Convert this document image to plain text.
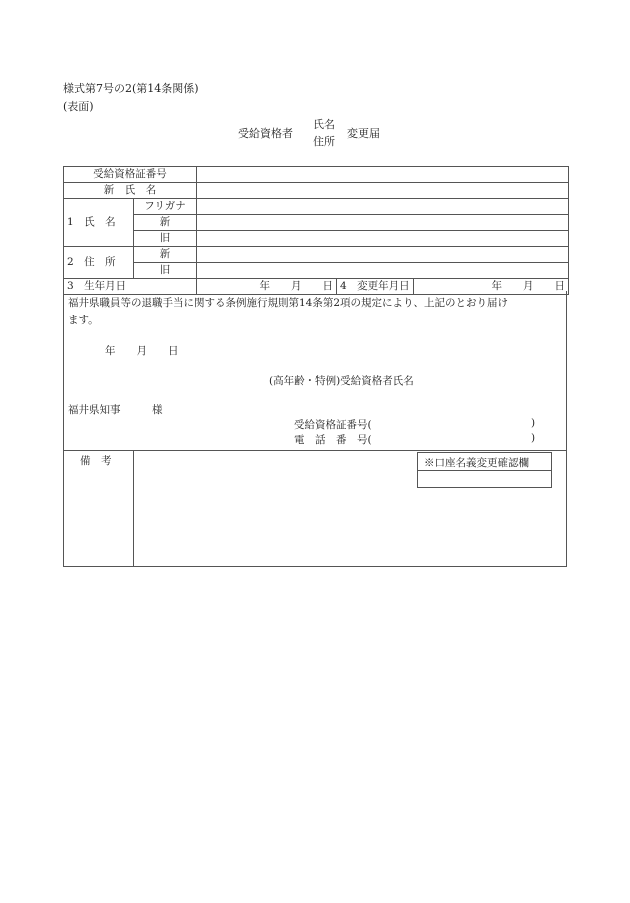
様式第7号の2(第14条関係)
(表面)
受給資格者
氏名
住所
変更届
受給資格証番号				
新　氏　名				
1　氏　名	フリガナ			
	新			
	旧			
2　住　所	新			
	旧			
3　生年月日		年　　月　　日	4　変更年月日	年　　月　　日
福井県職員等の退職手当に関する条例施行規則第14条第2項の規定により、上記のとおり届け
ます。
年　　月　　日
(高年齢・特例)受給資格者氏名
福井県知事	様
受給資格証番号(	)
電　話　番　号(	)
備　考	※口座名義変更確認欄
